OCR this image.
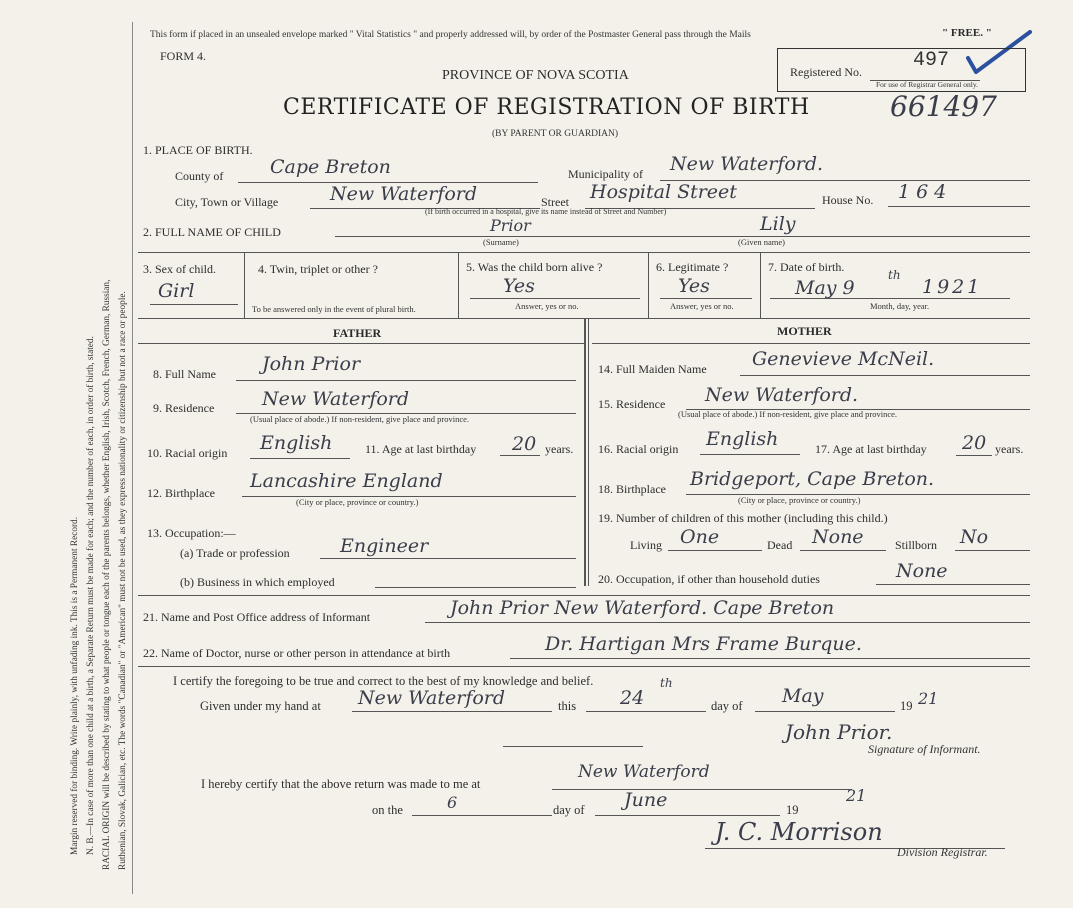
Margin reserved for binding. Write plainly, with unfading ink. This is a Permanent Record. N. B.—In case of more than one child at a birth, a Separate Return must be made for each; and the number of each, in order of birth, stated. RACIAL ORIGIN will be described by stating to what people or tongue each of the parents belongs, whether English, Irish, Scotch, French, German, Russian, Ruthenian, Slovak, Galician, etc. The words "Canadian" or "American" must not be used, as they express nationality or citizenship but not a race or people.
This form if placed in an unsealed envelope marked " Vital Statistics " and properly addressed will, by order of the Postmaster General pass through the Mails	" FREE. "
FORM 4.
PROVINCE OF NOVA SCOTIA	Registered No.	497
For use of Registrar General only.
CERTIFICATE OF REGISTRATION OF BIRTH	661497
(BY PARENT OR GUARDIAN)
1. PLACE OF BIRTH.
County of Cape Breton	Municipality of New Waterford.
City, Town or Village	New Waterford	Street Hospital Street	House No. 164
(If birth occurred in a hospital, give its name instead of Street and Number)
2. FULL NAME OF CHILD	Prior
(Surname)
Lily
(Given name)
3. Sex of child.
Girl
4. Twin, triplet or other ?
To be answered only in the event of plural birth.
5. Was the child born alive ?
Yes
Answer, yes or no.
6. Legitimate ?
Yes
Answer, yes or no.
7. Date of birth.
May 9
th
1921
Month, day, year.
FATHER	MOTHER
8. Full Name John Prior
9. Residence	New Waterford
(Usual place of abode.) If non-resident, give place and province.
10. Racial origin English	11. Age at last birthday 20 years.
12. Birthplace
Lancashire England
(City or place, province or country.)
13. Occupation:—
(a) Trade or profession	Engineer
(b) Business in which employed
14. Full Maiden Name Genevieve McNeil.
15. Residence New Waterford.
(Usual place of abode.) If non-resident, give place and province.
16. Racial origin English	17. Age at last birthday 20 years.
18. Birthplace Bridgeport, Cape Breton.
(City or place, province or country.)
19. Number of children of this mother (including this child.)
Living One	Dead None	Stillborn No
20. Occupation, if other than household duties	None
21. Name and Post Office address of Informant	John Prior New Waterford. Cape Breton
22. Name of Doctor, nurse or other person in attendance at birth	Dr. Hartigan Mrs Frame Burque.
I certify the foregoing to be true and correct to the best of my knowledge and belief.
Given under my hand at New Waterford	this 24
th
day of May	19 21
John Prior.
Signature of Informant.
I hereby certify that the above return was made to me at
New Waterford
on the	6	day of June	19
21
J. C. Morrison
Division Registrar.
